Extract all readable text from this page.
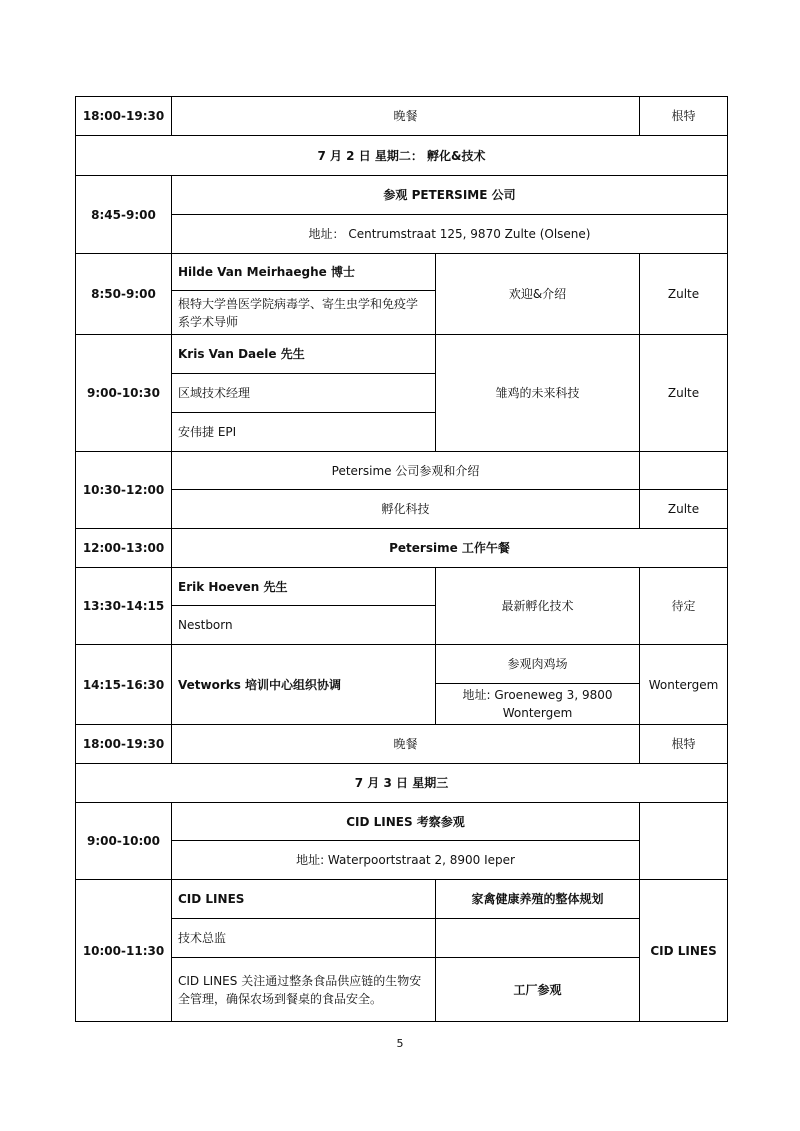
18:00-19:30	晚餐		根特
7 月 2 日 星期二： 孵化&技术			
8:45-9:00	参观 PETERSIME 公司		
	地址： Centrumstraat 125, 9870 Zulte (Olsene)		
8:50-9:00	Hilde Van Meirhaeghe 博士	欢迎&介绍	Zulte
	根特大学兽医学院病毒学、寄生虫学和免疫学系学术导师		
9:00-10:30	Kris Van Daele 先生	雏鸡的未来科技	Zulte
	区域技术经理		
	安伟捷 EPI		
10:30-12:00	Petersime 公司参观和介绍		
	孵化科技		Zulte
12:00-13:00	Petersime 工作午餐		
13:30-14:15	Erik Hoeven 先生	最新孵化技术	待定
	Nestborn		
14:15-16:30	Vetworks 培训中心组织协调	参观肉鸡场	Wontergem
		地址: Groeneweg 3, 9800 Wontergem	
18:00-19:30	晚餐		根特
7 月 3 日 星期三			
9:00-10:00	CID LINES 考察参观		
	地址: Waterpoortstraat 2, 8900 Ieper		
10:00-11:30	CID LINES	家禽健康养殖的整体规划	CID LINES
	技术总监		
	CID LINES 关注通过整条食品供应链的生物安全管理，确保农场到餐桌的食品安全。	工厂参观	
5
